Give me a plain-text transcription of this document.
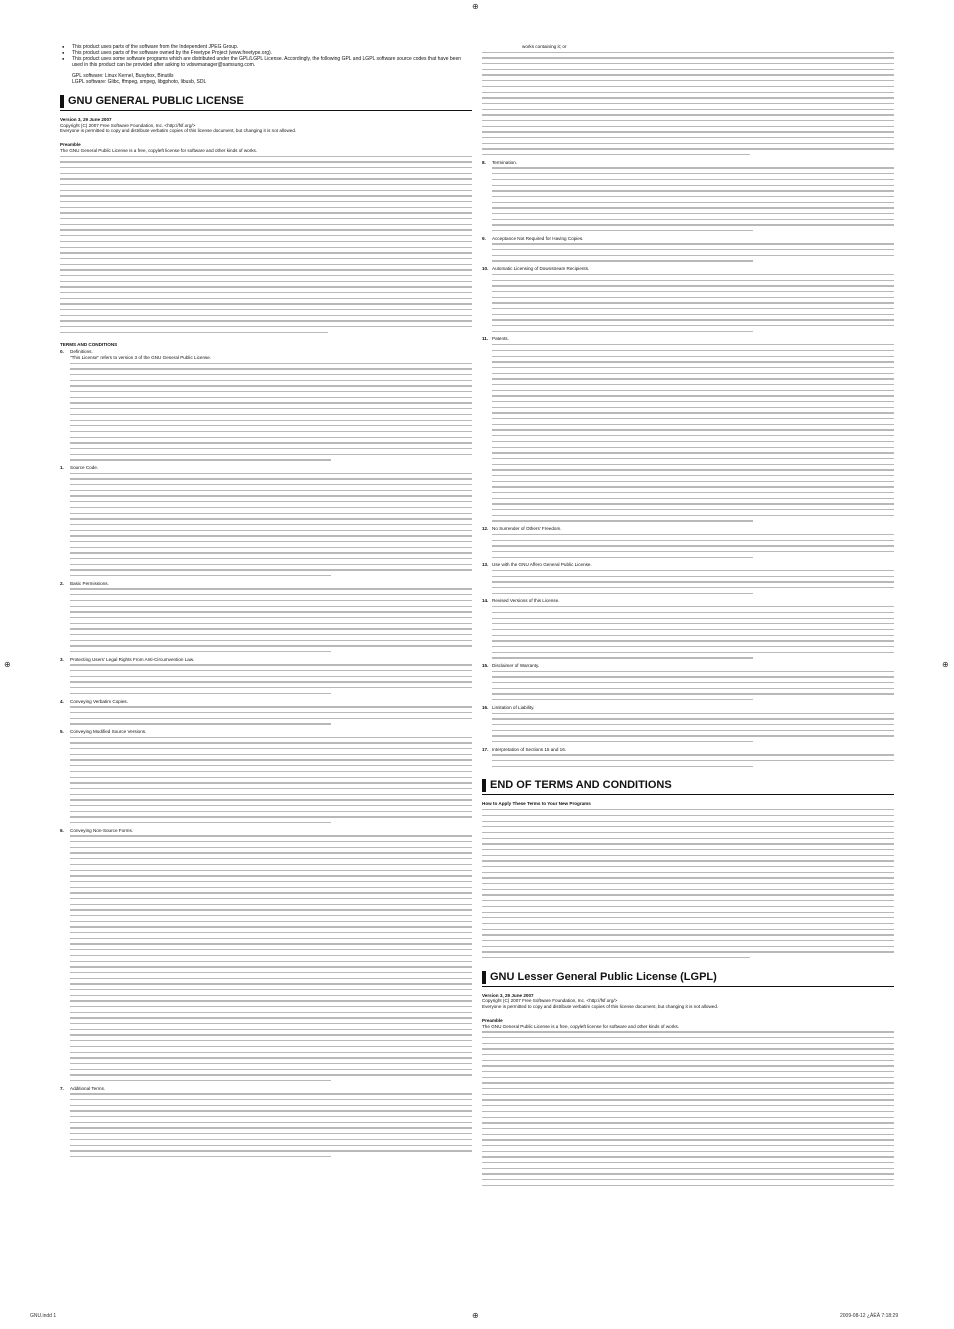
⊕
⊕	⊕
● This product uses parts of the software from the Independent JPEG Group.
● This product uses parts of the software owned by the Freetype Project (www.freetype.org).
● This product uses some software programs which are distributed under the GPL/LGPL License. Accordingly, the following GPL and LGPL software source codes that have been used in this product can be provided after asking to vdswmanager@samsung.com.
GPL software: Linux Kernel, Busybox, Binutils
LGPL software: Glibc, ffmpeg, smpeg, libgphoto, libusb, SDL
GNU GENERAL PUBLIC LICENSE
Version 3, 29 June 2007
Copyright (C) 2007 Free Software Foundation, Inc. <http://fsf.org/>
Everyone is permitted to copy and distribute verbatim copies of this license document, but changing it is not allowed.
Preamble
The GNU General Public License is a free, copyleft license for software and other kinds of works.
TERMS AND CONDITIONS
0.	Definitions.
"This License" refers to version 3 of the GNU General Public License.
1.	Source Code.
2.	Basic Permissions.
3.	Protecting Users' Legal Rights From Anti-Circumvention Law.
4.	Conveying Verbatim Copies.
5.	Conveying Modified Source Versions.
6.	Conveying Non-Source Forms.
7.	Additional Terms.
works containing it; or
8.	Termination.
9.	Acceptance Not Required for Having Copies.
10. Automatic Licensing of Downstream Recipients.
11. Patents.
12. No Surrender of Others' Freedom.
13. Use with the GNU Affero General Public License.
14. Revised Versions of this License.
15. Disclaimer of Warranty.
16. Limitation of Liability.
17. Interpretation of Sections 15 and 16.
END OF TERMS AND CONDITIONS
How to Apply These Terms to Your New Programs
GNU Lesser General Public License (LGPL)
Version 3, 29 June 2007
Copyright (C) 2007 Free Software Foundation, Inc. <http://fsf.org/>
Everyone is permitted to copy and distribute verbatim copies of this license document, but changing it is not allowed.
Preamble
The GNU General Public License is a free, copyleft license for software and other kinds of works.
GNU.indd 1	⊕	2009-08-12 ¿ÀÈÄ 7:18:29
